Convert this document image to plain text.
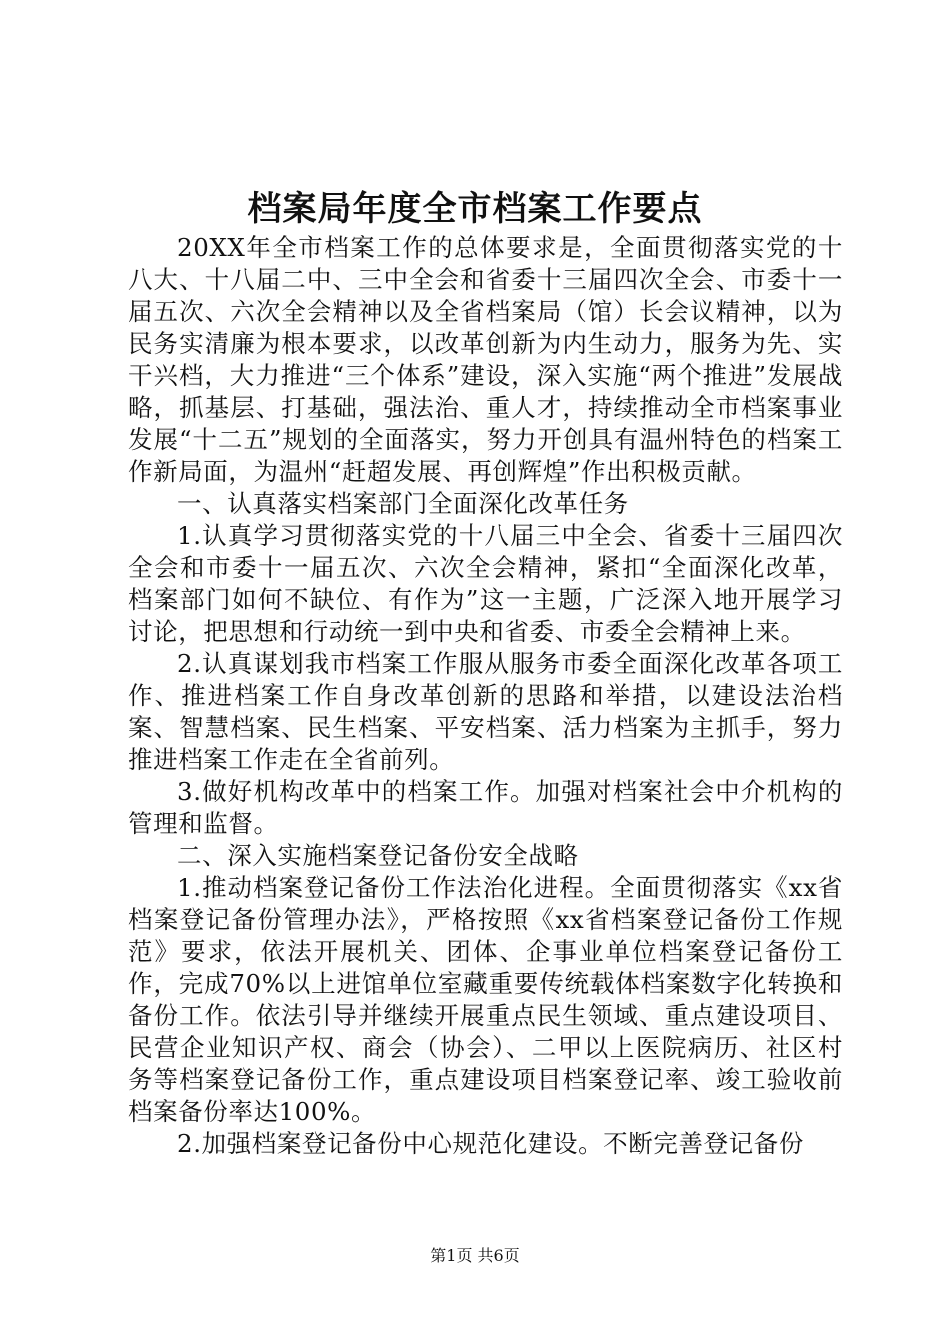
档案局年度全市档案工作要点

20XX年全市档案工作的总体要求是，全面贯彻落实党的十八大、十八届二中、三中全会和省委十三届四次全会、市委十一届五次、六次全会精神以及全省档案局（馆）长会议精神，以为民务实清廉为根本要求，以改革创新为内生动力，服务为先、实干兴档，大力推进“三个体系”建设，深入实施“两个推进”发展战略，抓基层、打基础，强法治、重人才，持续推动全市档案事业发展“十二五”规划的全面落实，努力开创具有温州特色的档案工作新局面，为温州“赶超发展、再创辉煌”作出积极贡献。

一、认真落实档案部门全面深化改革任务

1.认真学习贯彻落实党的十八届三中全会、省委十三届四次全会和市委十一届五次、六次全会精神，紧扣“全面深化改革，档案部门如何不缺位、有作为”这一主题，广泛深入地开展学习讨论，把思想和行动统一到中央和省委、市委全会精神上来。

2.认真谋划我市档案工作服从服务市委全面深化改革各项工作、推进档案工作自身改革创新的思路和举措，以建设法治档案、智慧档案、民生档案、平安档案、活力档案为主抓手，努力推进档案工作走在全省前列。

3.做好机构改革中的档案工作。加强对档案社会中介机构的管理和监督。

二、深入实施档案登记备份安全战略

1.推动档案登记备份工作法治化进程。全面贯彻落实《xx省档案登记备份管理办法》，严格按照《xx省档案登记备份工作规范》要求，依法开展机关、团体、企事业单位档案登记备份工作，完成70%以上进馆单位室藏重要传统载体档案数字化转换和备份工作。依法引导并继续开展重点民生领域、重点建设项目、民营企业知识产权、商会（协会）、二甲以上医院病历、社区村务等档案登记备份工作，重点建设项目档案登记率、竣工验收前档案备份率达100%。

2.加强档案登记备份中心规范化建设。不断完善登记备份

第1页 共6页
